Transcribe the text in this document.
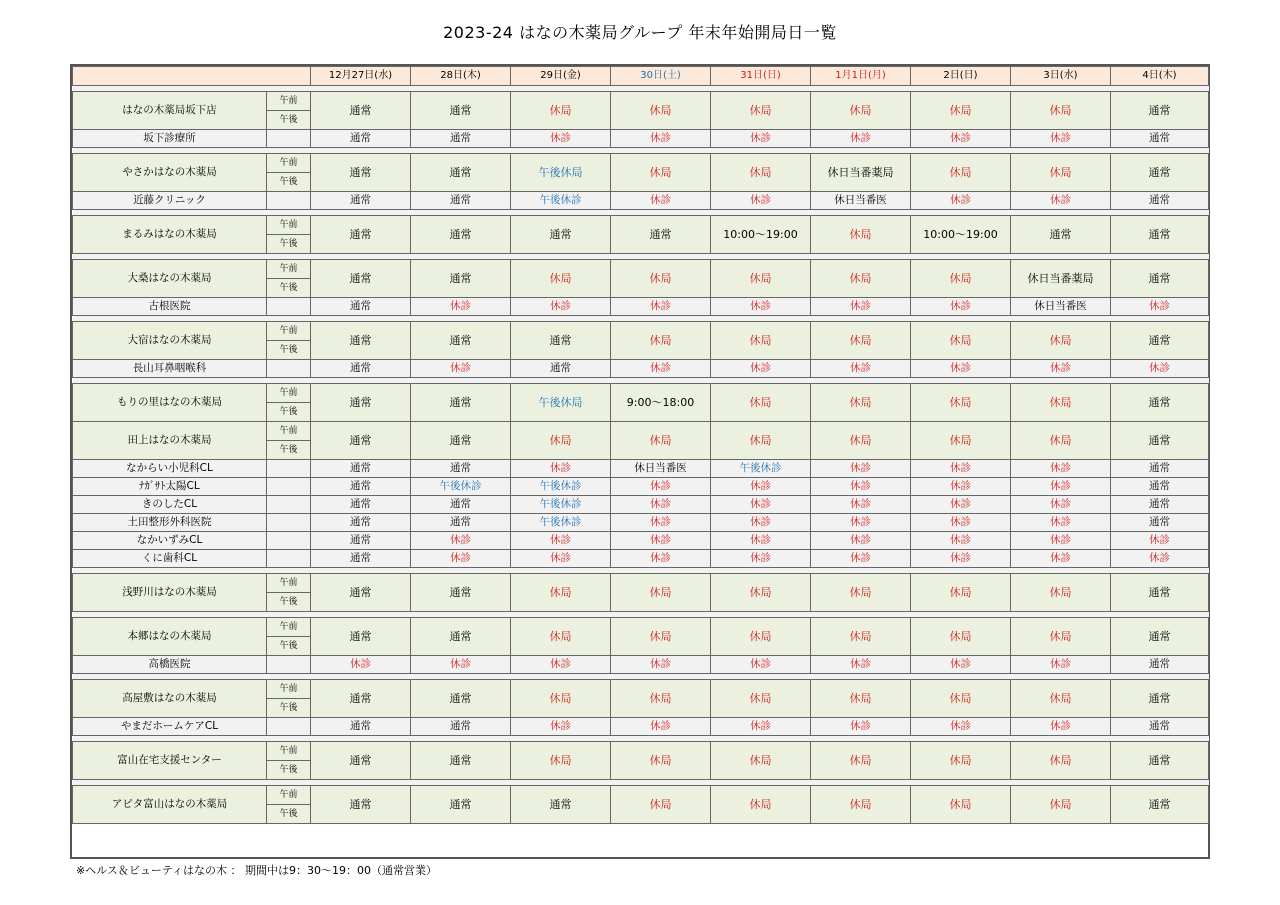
2023-24 はなの木薬局グループ 年末年始開局日一覧
		12月27日(水)	28日(木)	29日(金)	30日(土)	31日(日)	1月1日(月)	2日(日)	3日(水)	4日(木)

はなの木薬局坂下店	午前	通常	通常	休局	休局	休局	休局	休局	休局	通常
	午後									
坂下診療所		通常	通常	休診	休診	休診	休診	休診	休診	通常

やさかはなの木薬局	午前	通常	通常	午後休局	休局	休局	休日当番薬局	休局	休局	通常
	午後									
近藤クリニック		通常	通常	午後休診	休診	休診	休日当番医	休診	休診	通常

まるみはなの木薬局	午前	通常	通常	通常	通常	10:00～19:00	休局	10:00～19:00	通常	通常
	午後									

大桑はなの木薬局	午前	通常	通常	休局	休局	休局	休局	休局	休日当番薬局	通常
	午後									
古根医院		通常	休診	休診	休診	休診	休診	休診	休日当番医	休診

大宿はなの木薬局	午前	通常	通常	通常	休局	休局	休局	休局	休局	通常
	午後									
長山耳鼻咽喉科		通常	休診	通常	休診	休診	休診	休診	休診	休診

もりの里はなの木薬局	午前	通常	通常	午後休局	9:00～18:00	休局	休局	休局	休局	通常
	午後									
田上はなの木薬局	午前	通常	通常	休局	休局	休局	休局	休局	休局	通常
	午後									
なからい小児科CL		通常	通常	休診	休日当番医	午後休診	休診	休診	休診	通常
ﾅｶﾞｻﾄ太陽CL		通常	午後休診	午後休診	休診	休診	休診	休診	休診	通常
きのしたCL		通常	通常	午後休診	休診	休診	休診	休診	休診	通常
土田整形外科医院		通常	通常	午後休診	休診	休診	休診	休診	休診	通常
なかいずみCL		通常	休診	休診	休診	休診	休診	休診	休診	休診
くに歯科CL		通常	休診	休診	休診	休診	休診	休診	休診	休診

浅野川はなの木薬局	午前	通常	通常	休局	休局	休局	休局	休局	休局	通常
	午後									

本郷はなの木薬局	午前	通常	通常	休局	休局	休局	休局	休局	休局	通常
	午後									
高橋医院		休診	休診	休診	休診	休診	休診	休診	休診	通常

高屋敷はなの木薬局	午前	通常	通常	休局	休局	休局	休局	休局	休局	通常
	午後									
やまだホームケアCL		通常	通常	休診	休診	休診	休診	休診	休診	通常

富山在宅支援センター	午前	通常	通常	休局	休局	休局	休局	休局	休局	通常
	午後									

アピタ富山はなの木薬局	午前	通常	通常	通常	休局	休局	休局	休局	休局	通常
	午後									
※ヘルス＆ビューティはなの木 ： 期間中は9：30～19：00（通常営業）
